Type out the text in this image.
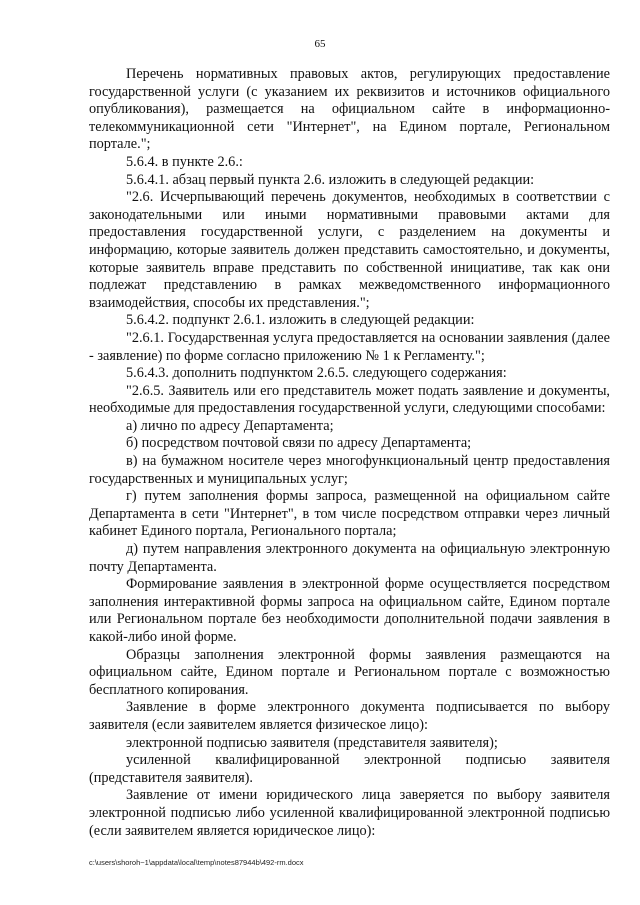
65

Перечень нормативных правовых актов, регулирующих предоставление государственной услуги (с указанием их реквизитов и источников официального опубликования), размещается на официальном сайте в информационно-телекоммуникационной сети "Интернет", на Едином портале, Региональном портале.";

5.6.4. в пункте 2.6.:

5.6.4.1. абзац первый пункта 2.6. изложить в следующей редакции:

"2.6. Исчерпывающий перечень документов, необходимых в соответствии с законодательными или иными нормативными правовыми актами для предоставления государственной услуги, с разделением на документы и информацию, которые заявитель должен представить самостоятельно, и документы, которые заявитель вправе представить по собственной инициативе, так как они подлежат представлению в рамках межведомственного информационного взаимодействия, способы их представления.";

5.6.4.2. подпункт 2.6.1. изложить в следующей редакции:

"2.6.1. Государственная услуга предоставляется на основании заявления (далее - заявление) по форме согласно приложению № 1 к Регламенту.";

5.6.4.3. дополнить подпунктом 2.6.5. следующего содержания:

"2.6.5. Заявитель или его представитель может подать заявление и документы, необходимые для предоставления государственной услуги, следующими способами:

а) лично по адресу Департамента;

б) посредством почтовой связи по адресу Департамента;

в) на бумажном носителе через многофункциональный центр предоставления государственных и муниципальных услуг;

г) путем заполнения формы запроса, размещенной на официальном сайте Департамента в сети "Интернет", в том числе посредством отправки через личный кабинет Единого портала, Регионального портала;

д) путем направления электронного документа на официальную электронную почту Департамента.

Формирование заявления в электронной форме осуществляется посредством заполнения интерактивной формы запроса на официальном сайте, Едином портале или Региональном портале без необходимости дополнительной подачи заявления в какой-либо иной форме.

Образцы заполнения электронной формы заявления размещаются на официальном сайте, Едином портале и Региональном портале с возможностью бесплатного копирования.

Заявление в форме электронного документа подписывается по выбору заявителя (если заявителем является физическое лицо):

электронной подписью заявителя (представителя заявителя);

усиленной квалифицированной электронной подписью заявителя (представителя заявителя).

Заявление от имени юридического лица заверяется по выбору заявителя электронной подписью либо усиленной квалифицированной электронной подписью (если заявителем является юридическое лицо):

c:\users\shoroh~1\appdata\local\temp\notes87944b\492-rm.docx
